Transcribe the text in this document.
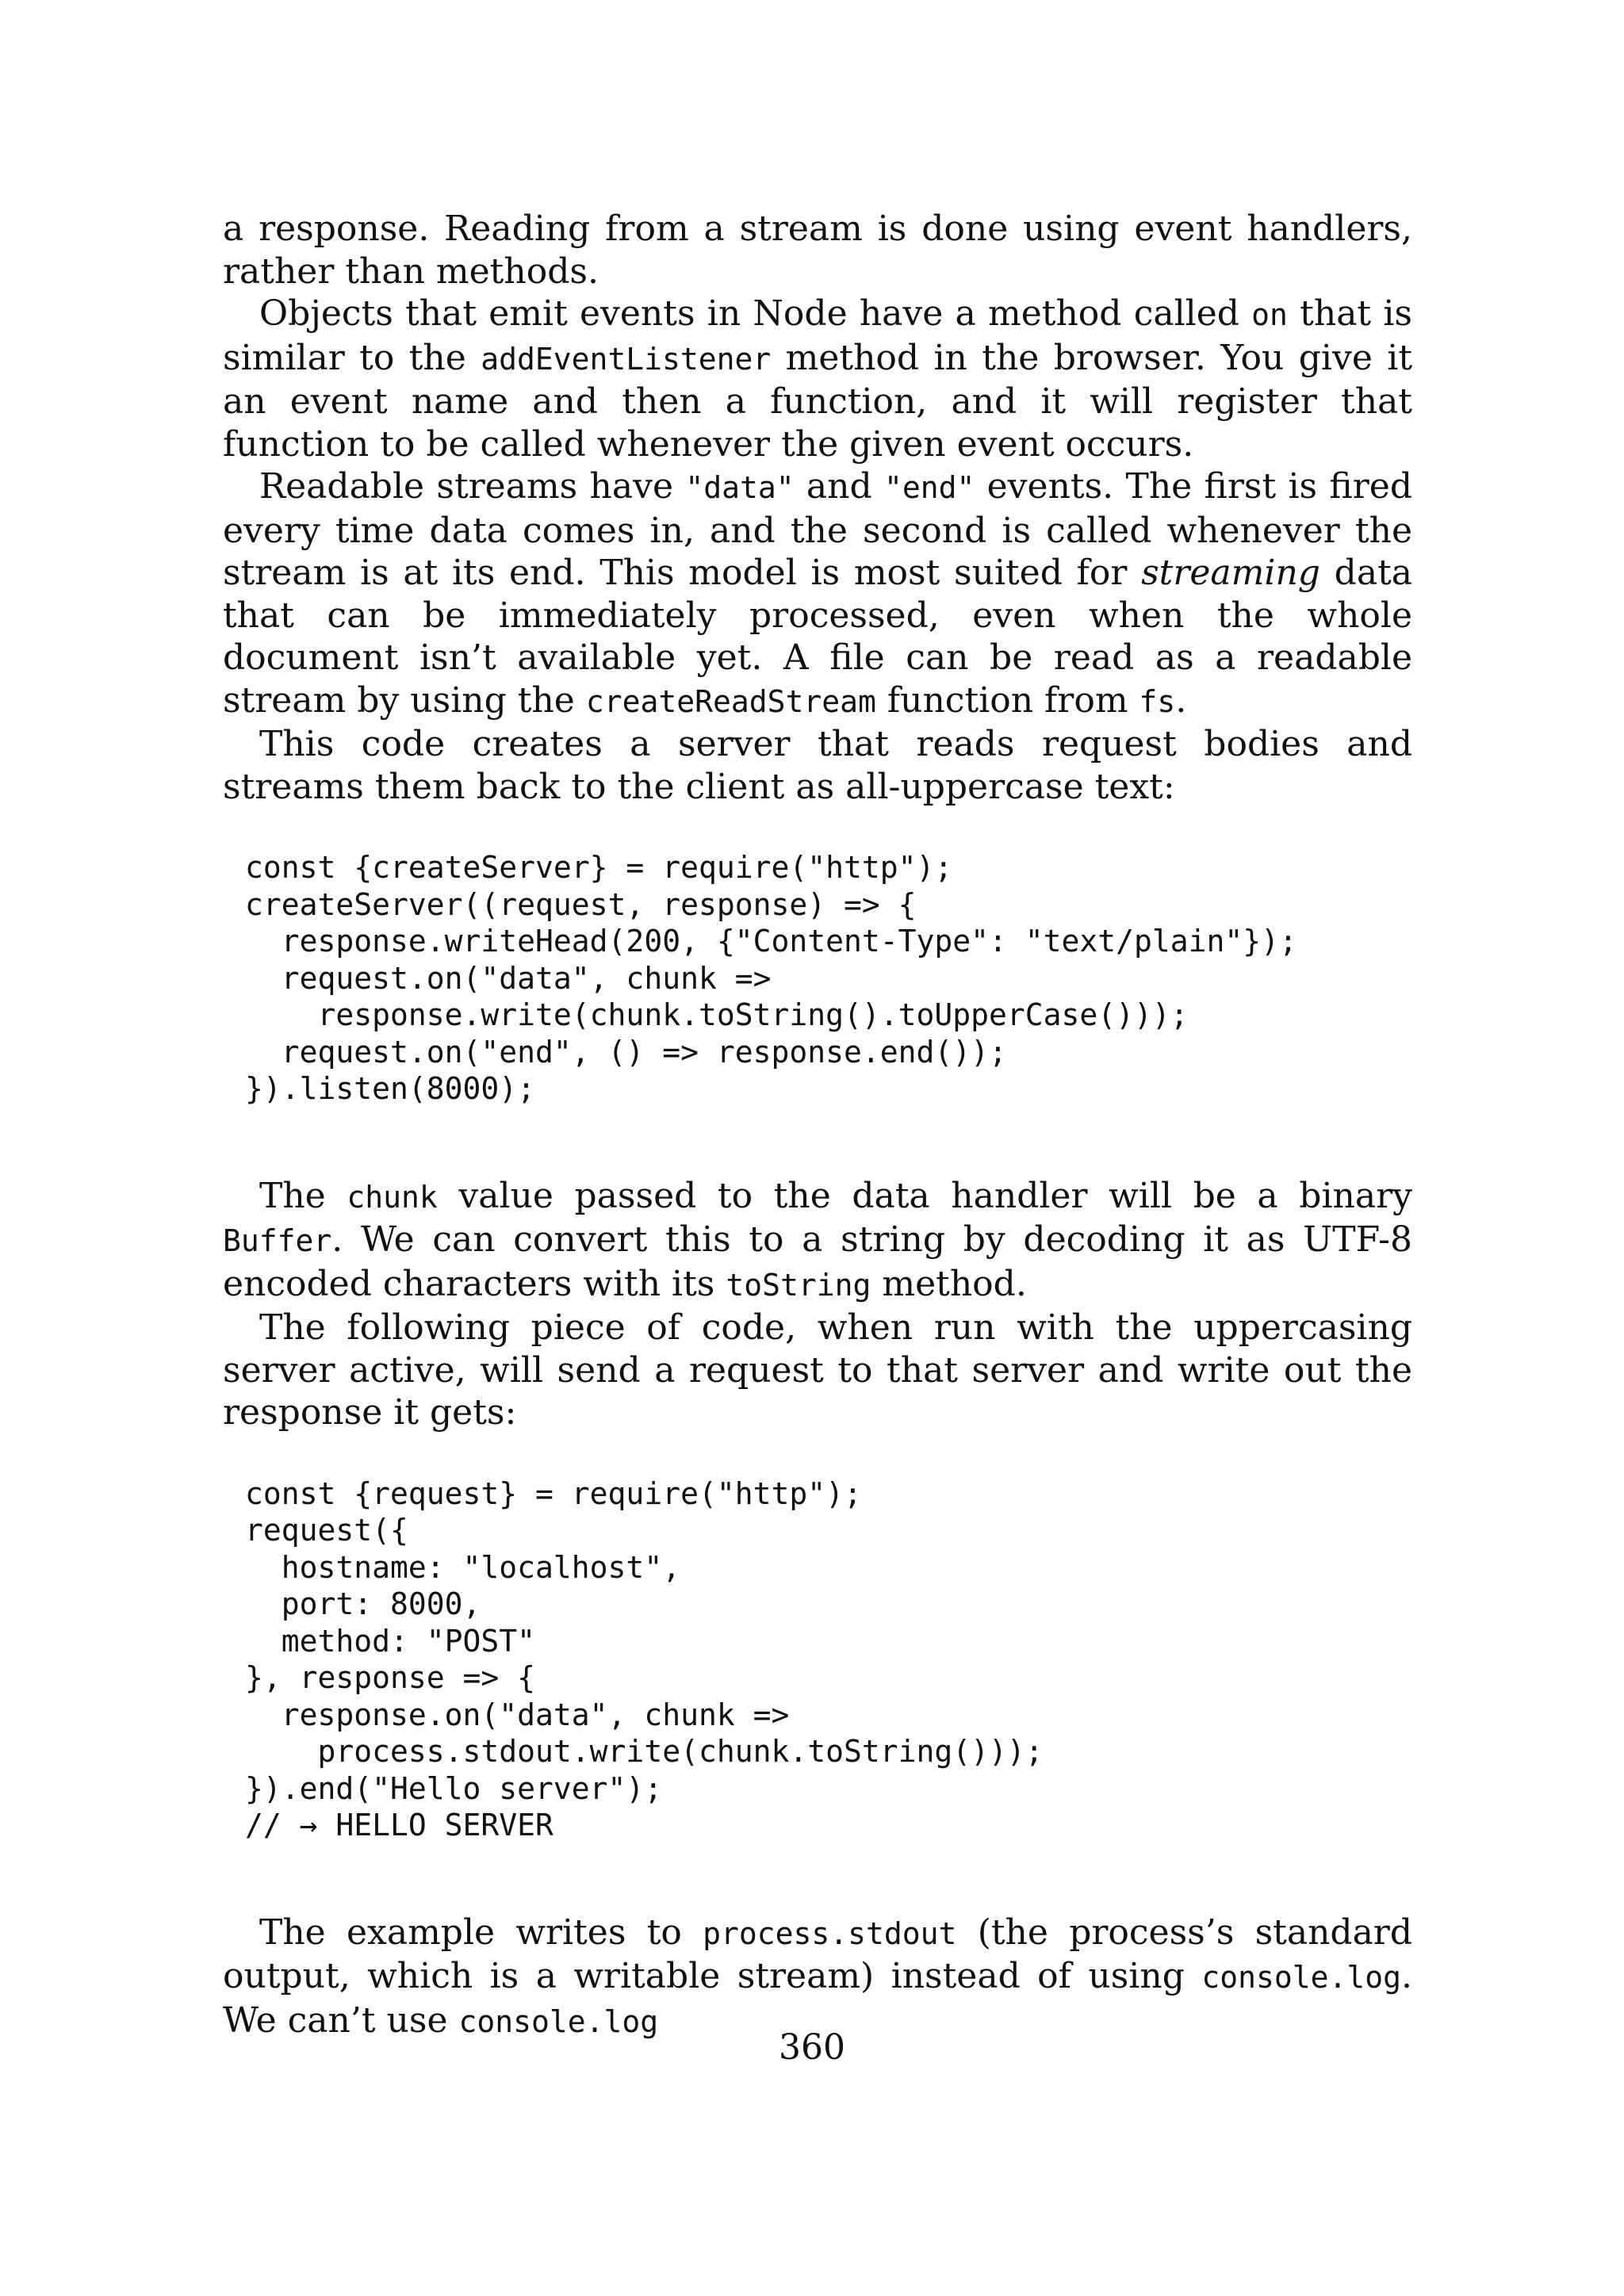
a response. Reading from a stream is done using event handlers, rather than methods.

Objects that emit events in Node have a method called on that is similar to the addEventListener method in the browser. You give it an event name and then a function, and it will register that function to be called whenever the given event occurs.

Readable streams have "data" and "end" events. The first is fired every time data comes in, and the second is called whenever the stream is at its end. This model is most suited for streaming data that can be immediately processed, even when the whole document isn’t available yet. A file can be read as a readable stream by using the createReadStream function from fs.

This code creates a server that reads request bodies and streams them back to the client as all-uppercase text:

const {createServer} = require("http");
createServer((request, response) => {
response.writeHead(200, {"Content-Type": "text/plain"});
request.on("data", chunk =>
response.write(chunk.toString().toUpperCase()));
request.on("end", () => response.end());
}).listen(8000);

The chunk value passed to the data handler will be a binary Buffer. We can convert this to a string by decoding it as UTF-8 encoded characters with its toString method.

The following piece of code, when run with the uppercasing server active, will send a request to that server and write out the response it gets:

const {request} = require("http");
request({
hostname: "localhost",
port: 8000,
method: "POST"
}, response => {
response.on("data", chunk =>
process.stdout.write(chunk.toString()));
}).end("Hello server");
// → HELLO SERVER

The example writes to process.stdout (the process’s standard output, which is a writable stream) instead of using console.log. We can’t use console.log

360
